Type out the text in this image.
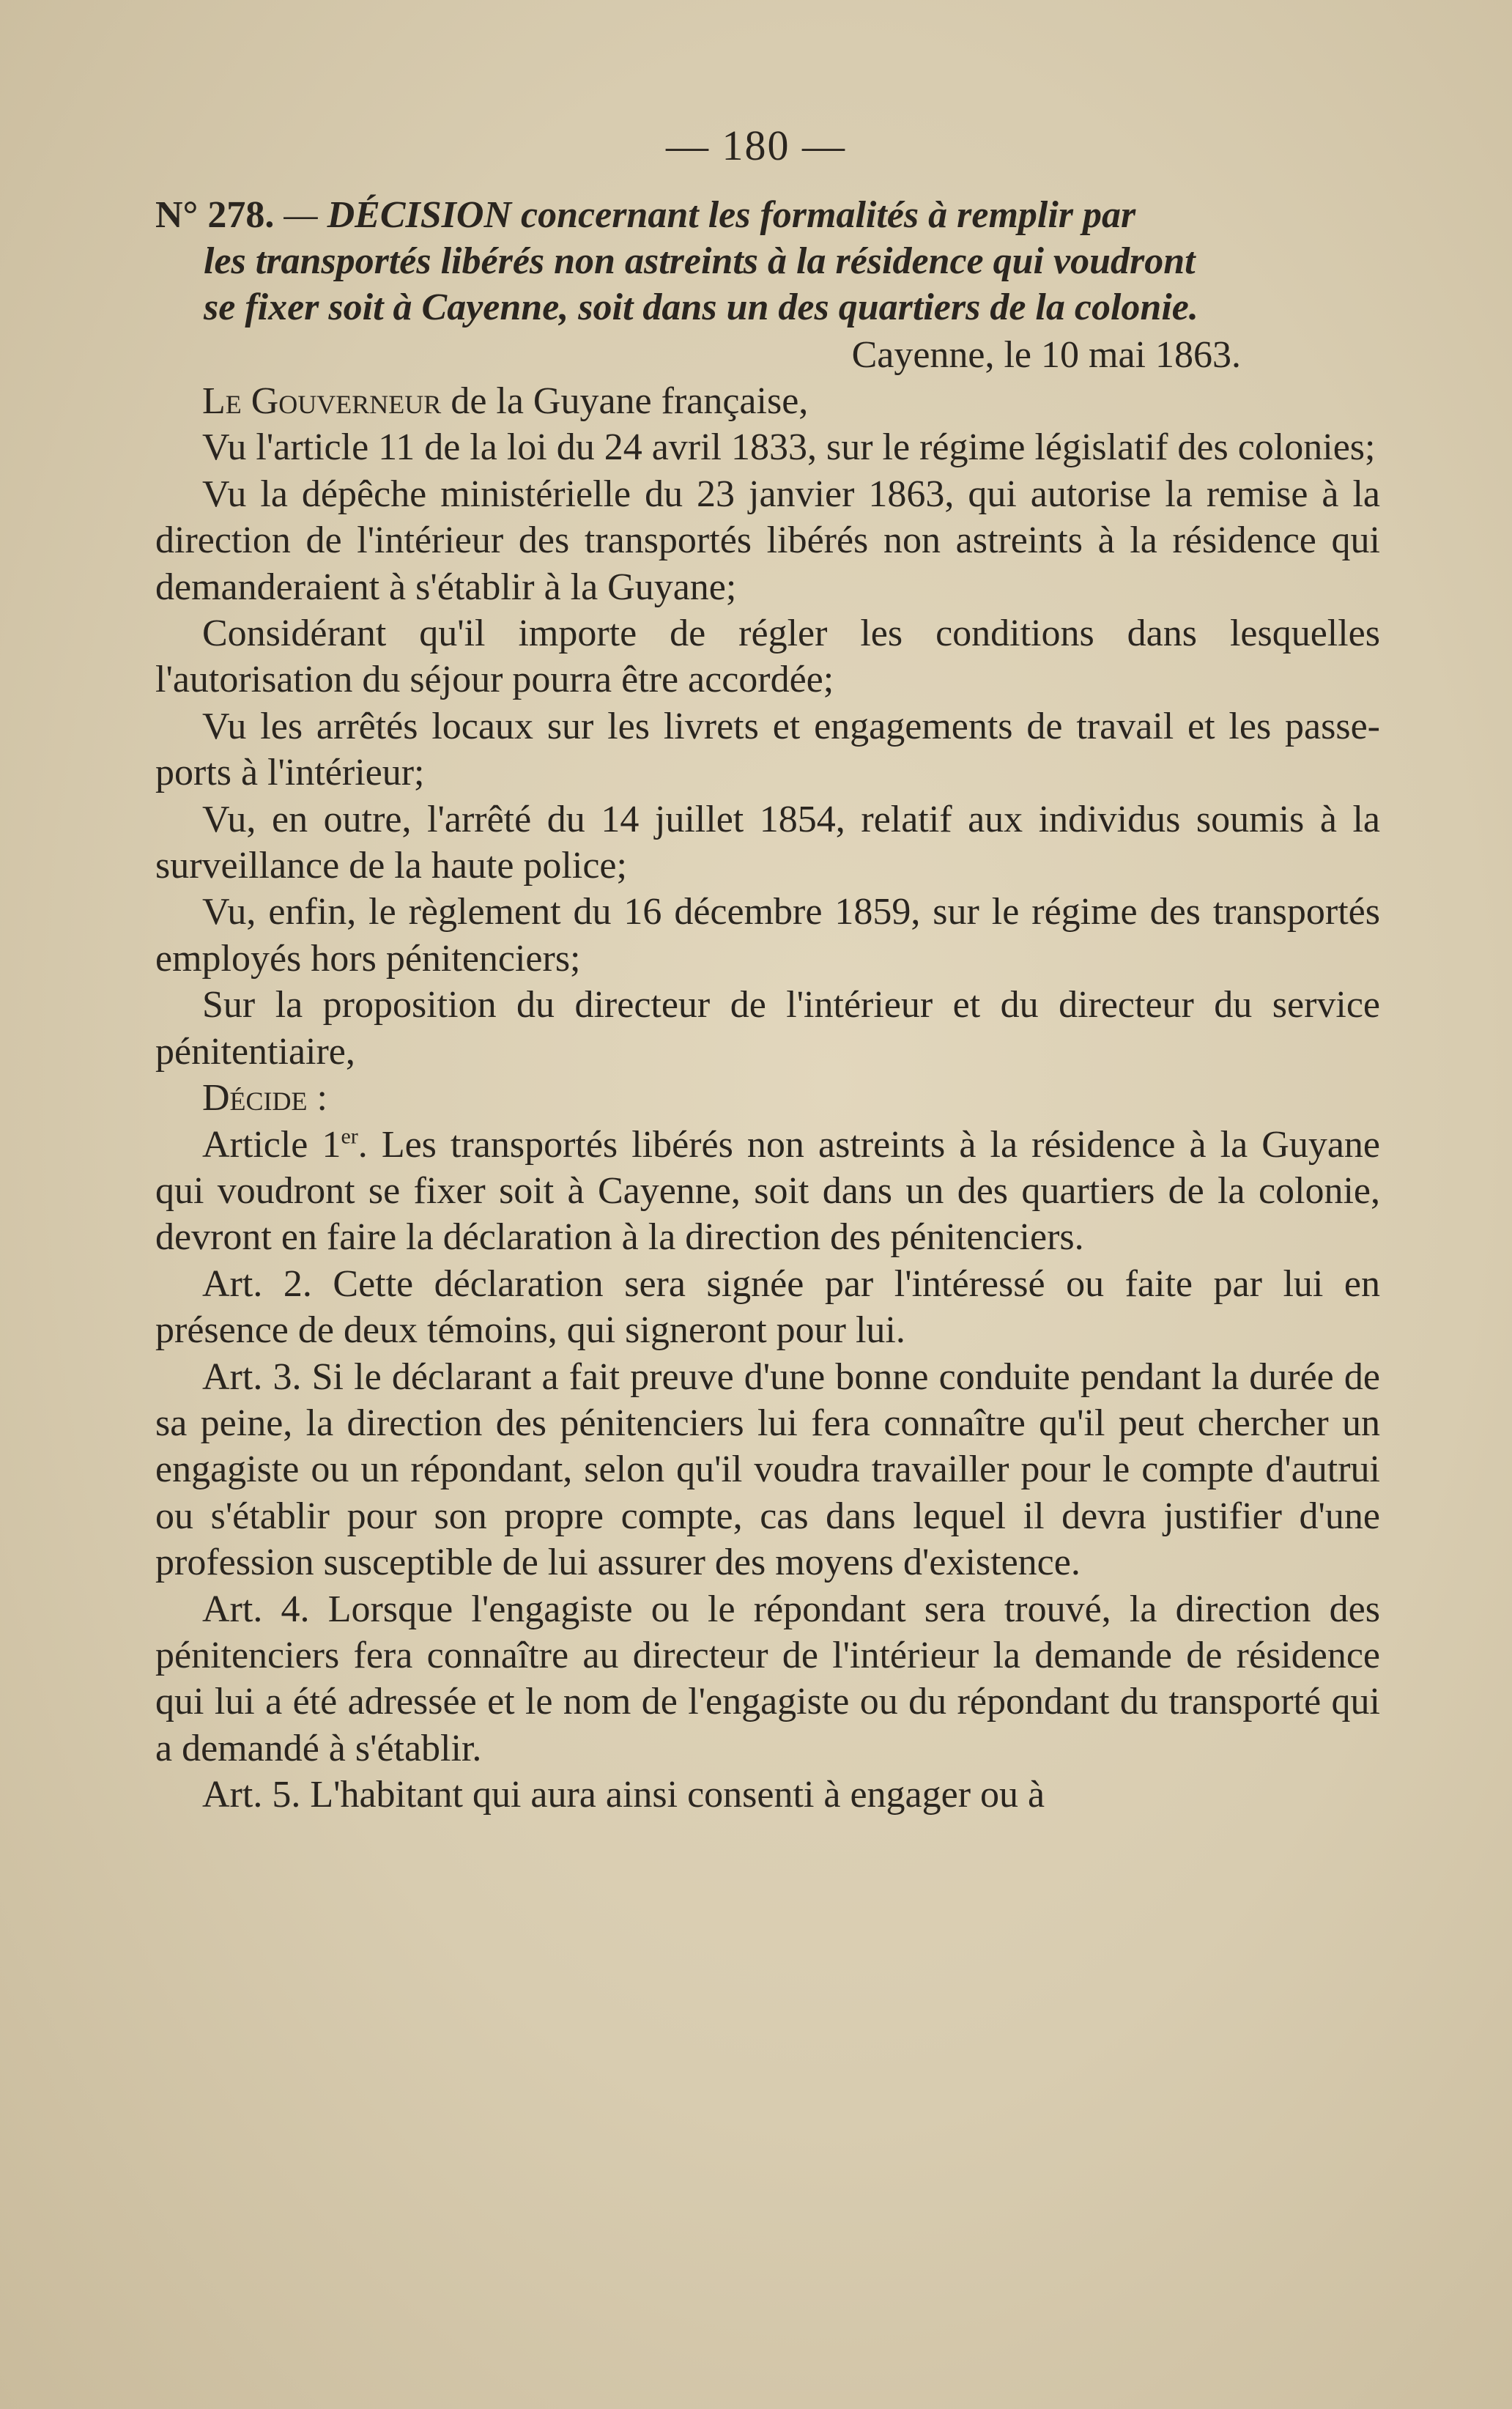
— 180 —

N° 278. — DÉCISION concernant les formalités à remplir par
les transportés libérés non astreints à la résidence qui voudront
se fixer soit à Cayenne, soit dans un des quartiers de la colonie.

Cayenne, le 10 mai 1863.

Le Gouverneur de la Guyane française,

Vu l'article 11 de la loi du 24 avril 1833, sur le régime législatif des colonies;

Vu la dépêche ministérielle du 23 janvier 1863, qui autorise la remise à la direction de l'intérieur des transportés libérés non astreints à la résidence qui demanderaient à s'établir à la Guyane;

Considérant qu'il importe de régler les conditions dans lesquelles l'autorisation du séjour pourra être accordée;

Vu les arrêtés locaux sur les livrets et engagements de travail et les passe-ports à l'intérieur;

Vu, en outre, l'arrêté du 14 juillet 1854, relatif aux individus soumis à la surveillance de la haute police;

Vu, enfin, le règlement du 16 décembre 1859, sur le régime des transportés employés hors pénitenciers;

Sur la proposition du directeur de l'intérieur et du directeur du service pénitentiaire,

Décide :

Article 1er. Les transportés libérés non astreints à la résidence à la Guyane qui voudront se fixer soit à Cayenne, soit dans un des quartiers de la colonie, devront en faire la déclaration à la direction des pénitenciers.

Art. 2. Cette déclaration sera signée par l'intéressé ou faite par lui en présence de deux témoins, qui signeront pour lui.

Art. 3. Si le déclarant a fait preuve d'une bonne conduite pendant la durée de sa peine, la direction des pénitenciers lui fera connaître qu'il peut chercher un engagiste ou un répondant, selon qu'il voudra travailler pour le compte d'autrui ou s'établir pour son propre compte, cas dans lequel il devra justifier d'une profession susceptible de lui assurer des moyens d'existence.

Art. 4. Lorsque l'engagiste ou le répondant sera trouvé, la direction des pénitenciers fera connaître au directeur de l'intérieur la demande de résidence qui lui a été adressée et le nom de l'engagiste ou du répondant du transporté qui a demandé à s'établir.

Art. 5. L'habitant qui aura ainsi consenti à engager ou à
